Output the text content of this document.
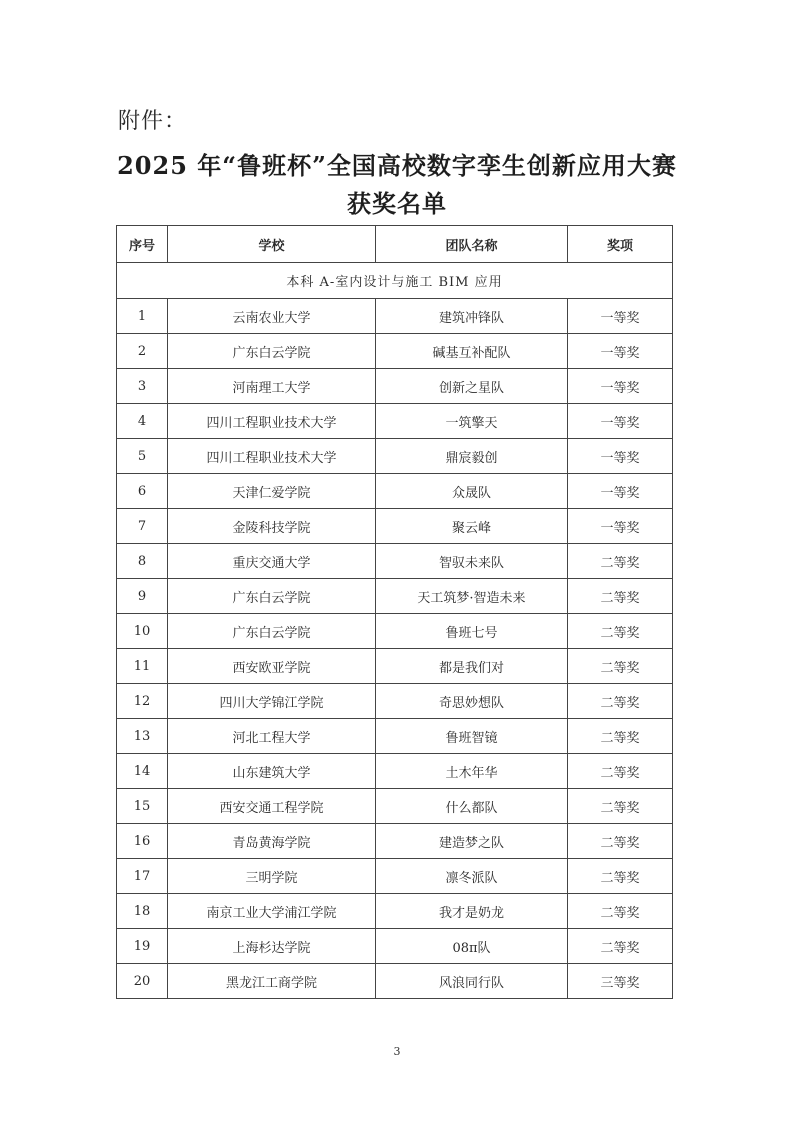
附件：
2025 年“鲁班杯”全国高校数字孪生创新应用大赛
获奖名单
序号	学校	团队名称	奖项
本科 A-室内设计与施工 BIM 应用			
1	云南农业大学	建筑冲锋队	一等奖
2	广东白云学院	碱基互补配队	一等奖
3	河南理工大学	创新之星队	一等奖
4	四川工程职业技术大学	一筑擎天	一等奖
5	四川工程职业技术大学	鼎宸毅创	一等奖
6	天津仁爱学院	众晟队	一等奖
7	金陵科技学院	聚云峰	一等奖
8	重庆交通大学	智驭未来队	二等奖
9	广东白云学院	天工筑梦·智造未来	二等奖
10	广东白云学院	鲁班七号	二等奖
11	西安欧亚学院	都是我们对	二等奖
12	四川大学锦江学院	奇思妙想队	二等奖
13	河北工程大学	鲁班智镜	二等奖
14	山东建筑大学	土木年华	二等奖
15	西安交通工程学院	什么都队	二等奖
16	青岛黄海学院	建造梦之队	二等奖
17	三明学院	凛冬派队	二等奖
18	南京工业大学浦江学院	我才是奶龙	二等奖
19	上海杉达学院	08π队	二等奖
20	黑龙江工商学院	风浪同行队	三等奖
3
